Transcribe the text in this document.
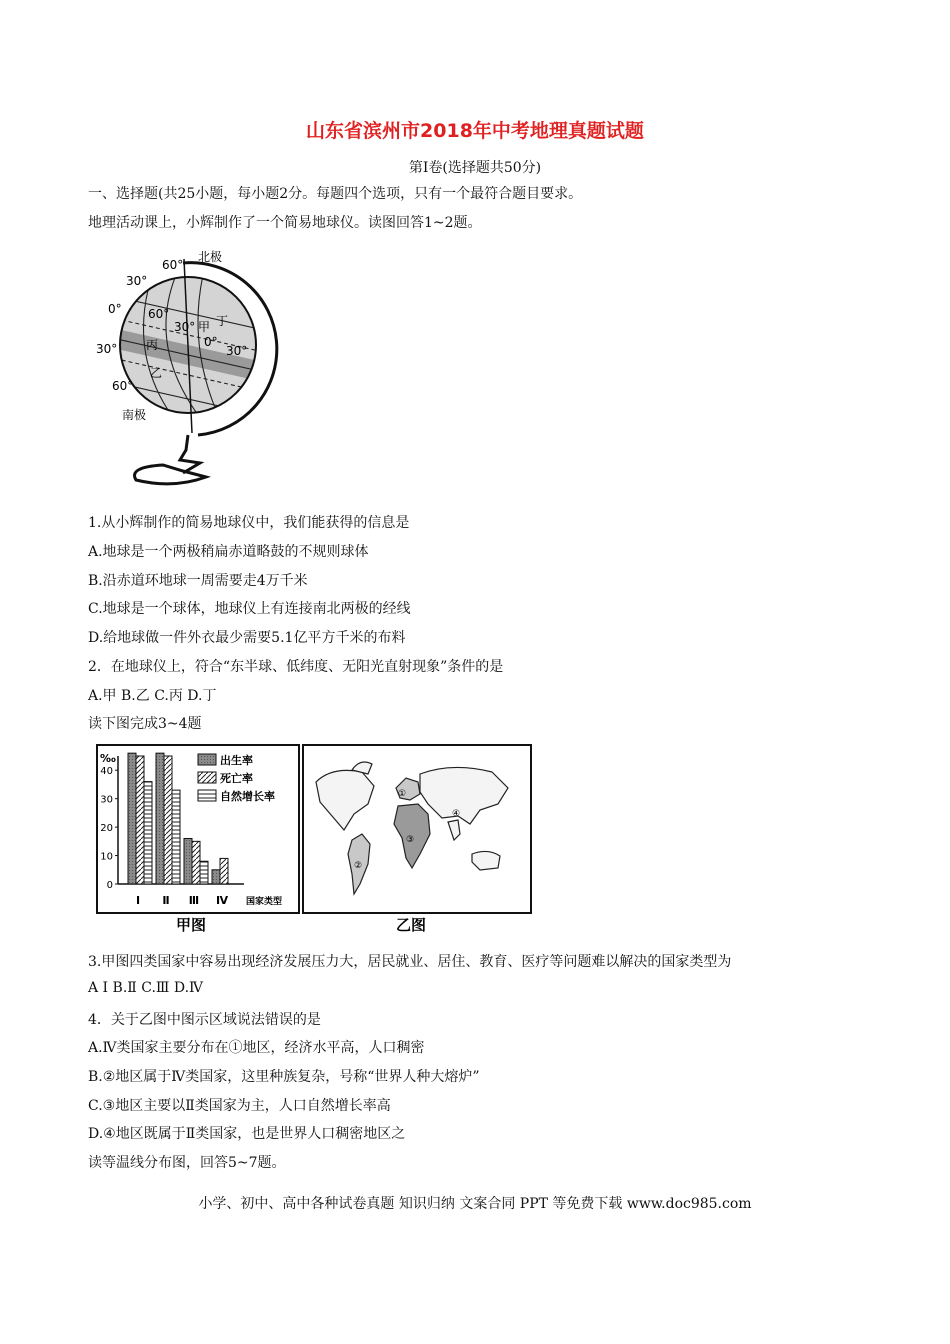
山东省滨州市2018年中考地理真题试题
第Ⅰ卷(选择题共50分)
一、选择题(共25小题，每小题2分。每题四个选项，只有一个最符合题目要求。
地理活动课上，小辉制作了一个简易地球仪。读图回答1~2题。
60°
北极
30°
0° 60°
30° 甲 丁
0°
30° 丙	30°
乙
60°
南极
1.从小辉制作的简易地球仪中，我们能获得的信息是
A.地球是一个两极稍扁赤道略鼓的不规则球体
B.沿赤道环地球一周需要走4万千米
C.地球是一个球体，地球仪上有连接南北两极的经线
D.给地球做一件外衣最少需要5.1亿平方千米的布料
2．在地球仪上，符合“东半球、低纬度、无阳光直射现象”条件的是
A.甲 B.乙 C.丙 D.丁
读下图完成3~4题
‰
0
10
20
30
40
Ⅰ Ⅱ Ⅲ Ⅳ 国家类型
出生率
死亡率
自然增长率
甲图
①
②
③
④
乙图
3.甲图四类国家中容易出现经济发展压力大，居民就业、居住、教育、医疗等问题难以解决的国家类型为
A Ⅰ B.Ⅱ C.Ⅲ D.Ⅳ
4．关于乙图中图示区域说法错误的是
A.Ⅳ类国家主要分布在①地区，经济水平高，人口稠密
B.②地区属于Ⅳ类国家，这里种族复杂，号称“世界人种大熔炉”
C.③地区主要以Ⅱ类国家为主，人口自然增长率高
D.④地区既属于Ⅱ类国家，也是世界人口稠密地区之
读等温线分布图，回答5~7题。
小学、初中、高中各种试卷真题 知识归纳 文案合同 PPT 等免费下载 www.doc985.com
